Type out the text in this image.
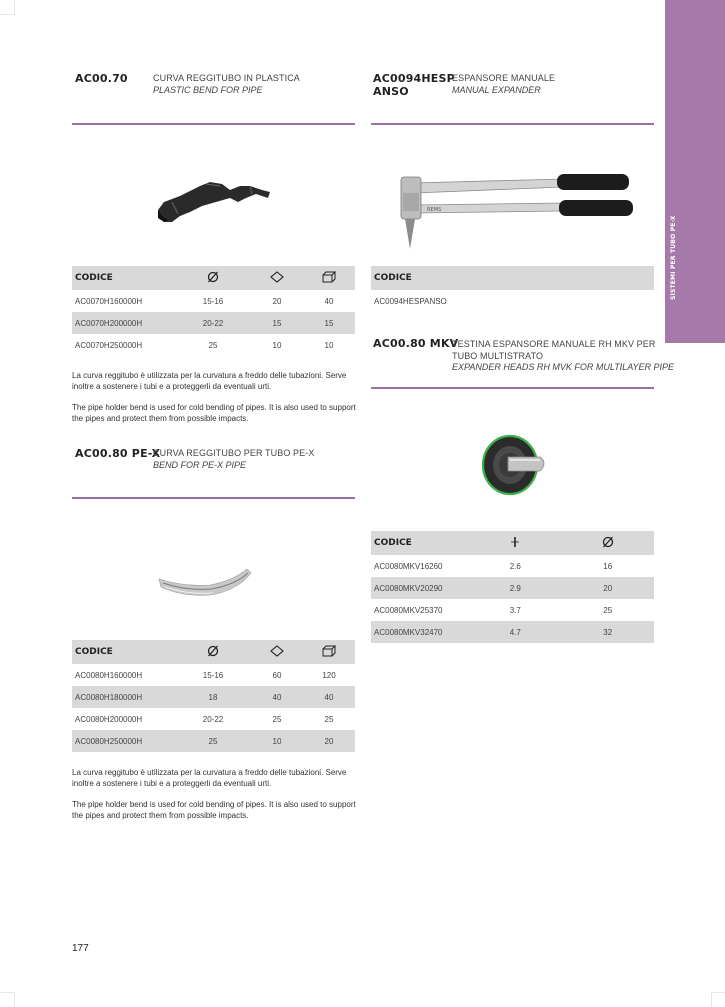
SISTEMI PER TUBO PE-X
AC00.70	CURVA REGGITUBO IN PLASTICA
PLASTIC BEND FOR PIPE
CODICE			
AC0070H160000H	15-16	20	40
AC0070H200000H	20-22	15	15
AC0070H250000H	25	10	10
La curva reggitubo è utilizzata per la curvatura a freddo delle tubazioni. Serve inoltre a sostenere i tubi e a proteggerli da eventuali urti.
The pipe holder bend is used for cold bending of pipes. It is also used to support the pipes and protect them from possible impacts.
AC00.80 PE-X
CURVA REGGITUBO PER TUBO PE-X
BEND FOR PE-X PIPE
CODICE			
AC0080H160000H	15-16	60	120
AC0080H180000H	18	40	40
AC0080H200000H	20-22	25	25
AC0080H250000H	25	10	20
La curva reggitubo è utilizzata per la curvatura a freddo delle tubazioni. Serve inoltre a sostenere i tubi e a proteggerli da eventuali urti.
The pipe holder bend is used for cold bending of pipes. It is also used to support the pipes and protect them from possible impacts.
AC0094HESP
ANSO
ESPANSORE MANUALE
MANUAL EXPANDER
REMS
CODICE
AC0094HESPANSO
AC00.80 MKV
TESTINA ESPANSORE MANUALE RH MKV PER TUBO MULTISTRATO
EXPANDER HEADS RH MVK FOR MULTILAYER PIPE
CODICE		
AC0080MKV16260	2.6	16
AC0080MKV20290	2.9	20
AC0080MKV25370	3.7	25
AC0080MKV32470	4.7	32
177
